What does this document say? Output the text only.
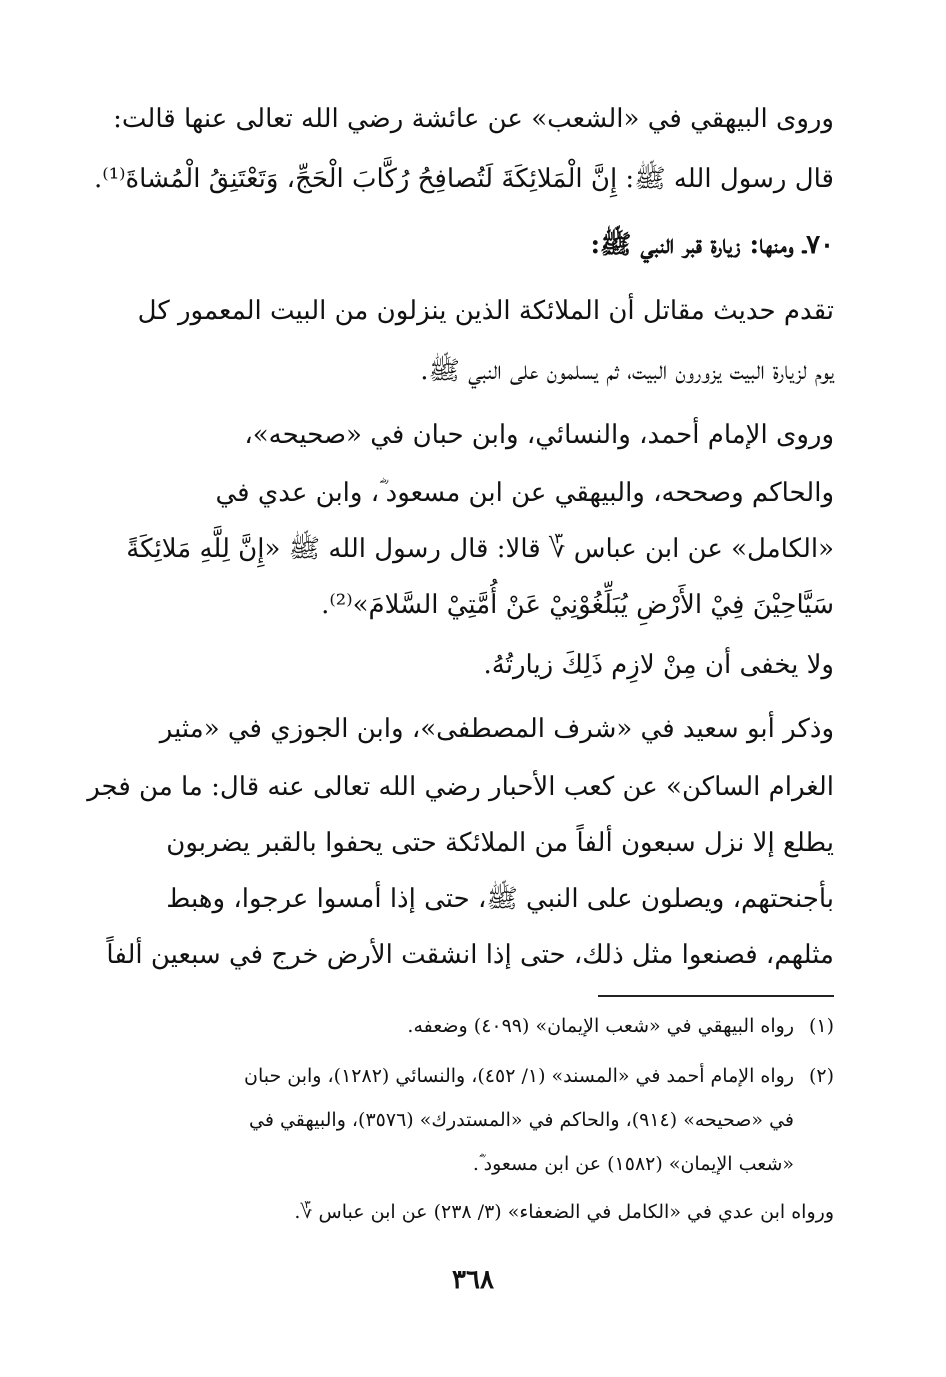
وروى البيهقي في «الشعب» عن عائشة رضي الله تعالى عنها قالت:
قال رسول الله ﷺ: إِنَّ الْمَلائِكَةَ لَتُصافِحُ رُكَّابَ الْحَجِّ، وَتَعْتَنِقُ الْمُشاةَ⁽¹⁾.
٧٠ـ ومنها: زيارة قبر النبي ﷺ:
تقدم حديث مقاتل أن الملائكة الذين ينزلون من البيت المعمور كل
يوم لزيارة البيت يزورون البيت، ثم يسلمون على النبي ﷺ.
وروى الإمام أحمد، والنسائي، وابن حبان في «صحيحه»،
والحاكم وصححه، والبيهقي عن ابن مسعود ؓ، وابن عدي في
«الكامل» عن ابن عباس ؆ قالا: قال رسول الله ﷺ «إِنَّ لِلَّهِ مَلائِكَةً
سَيَّاحِيْنَ فِيْ الأَرْضِ يُبَلِّغُوْنِيْ عَنْ أُمَّتِيْ السَّلامَ»⁽²⁾.
ولا يخفى أن مِنْ لازِم ذَلِكَ زيارتُهُ.
وذكر أبو سعيد في «شرف المصطفى»، وابن الجوزي في «مثير
الغرام الساكن» عن كعب الأحبار رضي الله تعالى عنه قال: ما من فجر
يطلع إلا نزل سبعون ألفاً من الملائكة حتى يحفوا بالقبر يضربون
بأجنحتهم، ويصلون على النبي ﷺ، حتى إذا أمسوا عرجوا، وهبط
مثلهم، فصنعوا مثل ذلك، حتى إذا انشقت الأرض خرج في سبعين ألفاً
(١)رواه البيهقي في «شعب الإيمان» (٤٠٩٩) وضعفه.
(٢)رواه الإمام أحمد في «المسند» (١/ ٤٥٢)، والنسائي (١٢٨٢)، وابن حبان
في «صحيحه» (٩١٤)، والحاكم في «المستدرك» (٣٥٧٦)، والبيهقي في
«شعب الإيمان» (١٥٨٢) عن ابن مسعود ؓ.
ورواه ابن عدي في «الكامل في الضعفاء» (٣/ ٢٣٨) عن ابن عباس ؆.
٣٦٨
